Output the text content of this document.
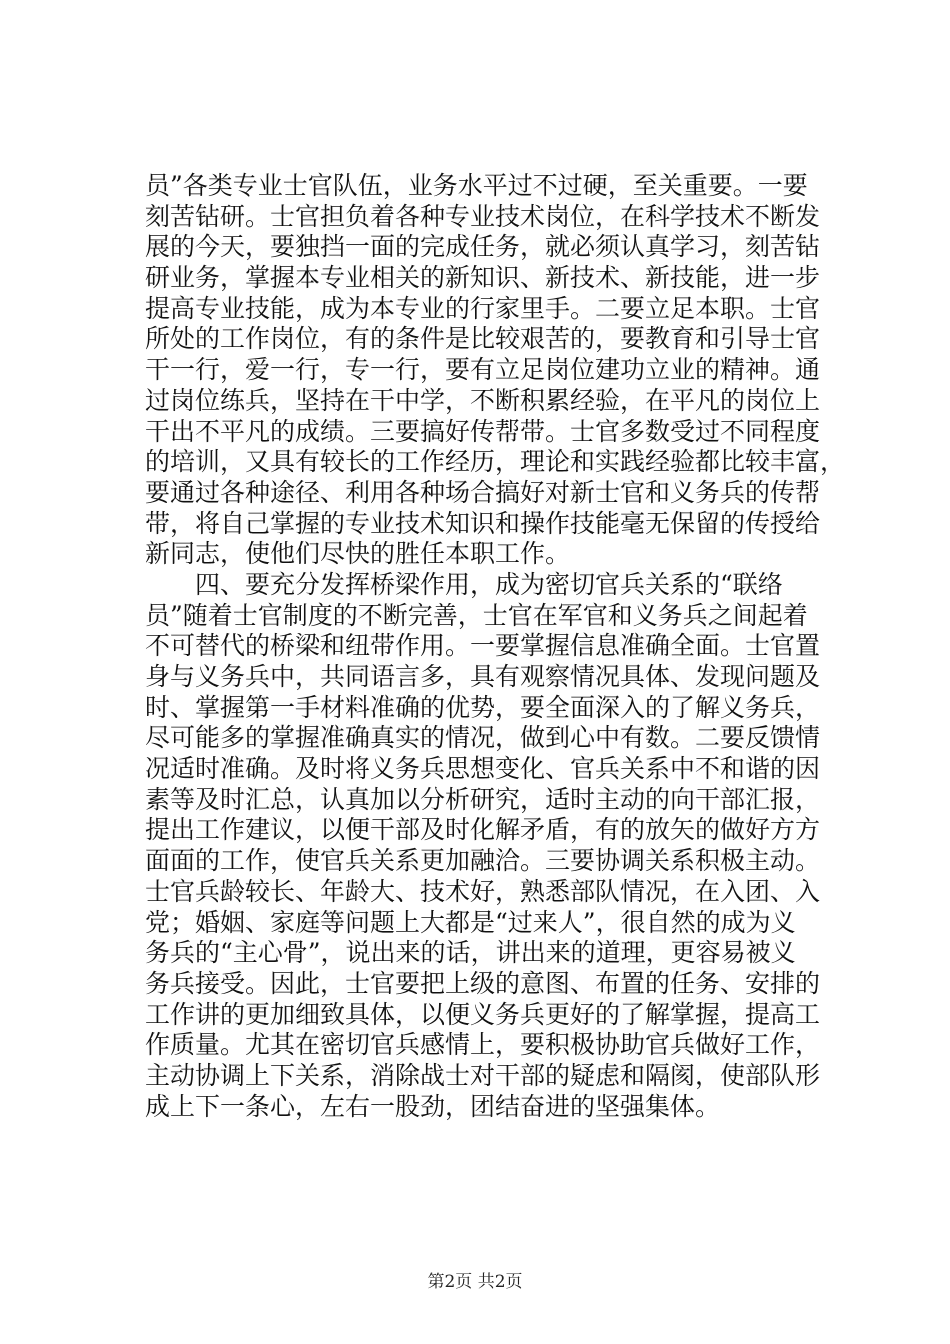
员”各类专业士官队伍，业务水平过不过硬，至关重要。一要
刻苦钻研。士官担负着各种专业技术岗位，在科学技术不断发
展的今天，要独挡一面的完成任务，就必须认真学习，刻苦钻
研业务，掌握本专业相关的新知识、新技术、新技能，进一步
提高专业技能，成为本专业的行家里手。二要立足本职。士官
所处的工作岗位，有的条件是比较艰苦的，要教育和引导士官
干一行，爱一行，专一行，要有立足岗位建功立业的精神。通
过岗位练兵，坚持在干中学，不断积累经验，在平凡的岗位上
干出不平凡的成绩。三要搞好传帮带。士官多数受过不同程度
的培训，又具有较长的工作经历，理论和实践经验都比较丰富，
要通过各种途径、利用各种场合搞好对新士官和义务兵的传帮
带，将自己掌握的专业技术知识和操作技能毫无保留的传授给
新同志，使他们尽快的胜任本职工作。
四、要充分发挥桥梁作用，成为密切官兵关系的“联络
员”随着士官制度的不断完善，士官在军官和义务兵之间起着
不可替代的桥梁和纽带作用。一要掌握信息准确全面。士官置
身与义务兵中，共同语言多，具有观察情况具体、发现问题及
时、掌握第一手材料准确的优势，要全面深入的了解义务兵，
尽可能多的掌握准确真实的情况，做到心中有数。二要反馈情
况适时准确。及时将义务兵思想变化、官兵关系中不和谐的因
素等及时汇总，认真加以分析研究，适时主动的向干部汇报，
提出工作建议，以便干部及时化解矛盾，有的放矢的做好方方
面面的工作，使官兵关系更加融洽。三要协调关系积极主动。
士官兵龄较长、年龄大、技术好，熟悉部队情况，在入团、入
党；婚姻、家庭等问题上大都是“过来人”，很自然的成为义
务兵的“主心骨”，说出来的话，讲出来的道理，更容易被义
务兵接受。因此，士官要把上级的意图、布置的任务、安排的
工作讲的更加细致具体，以便义务兵更好的了解掌握，提高工
作质量。尤其在密切官兵感情上，要积极协助官兵做好工作，
主动协调上下关系，消除战士对干部的疑虑和隔阂，使部队形
成上下一条心，左右一股劲，团结奋进的坚强集体。
第2页 共2页
